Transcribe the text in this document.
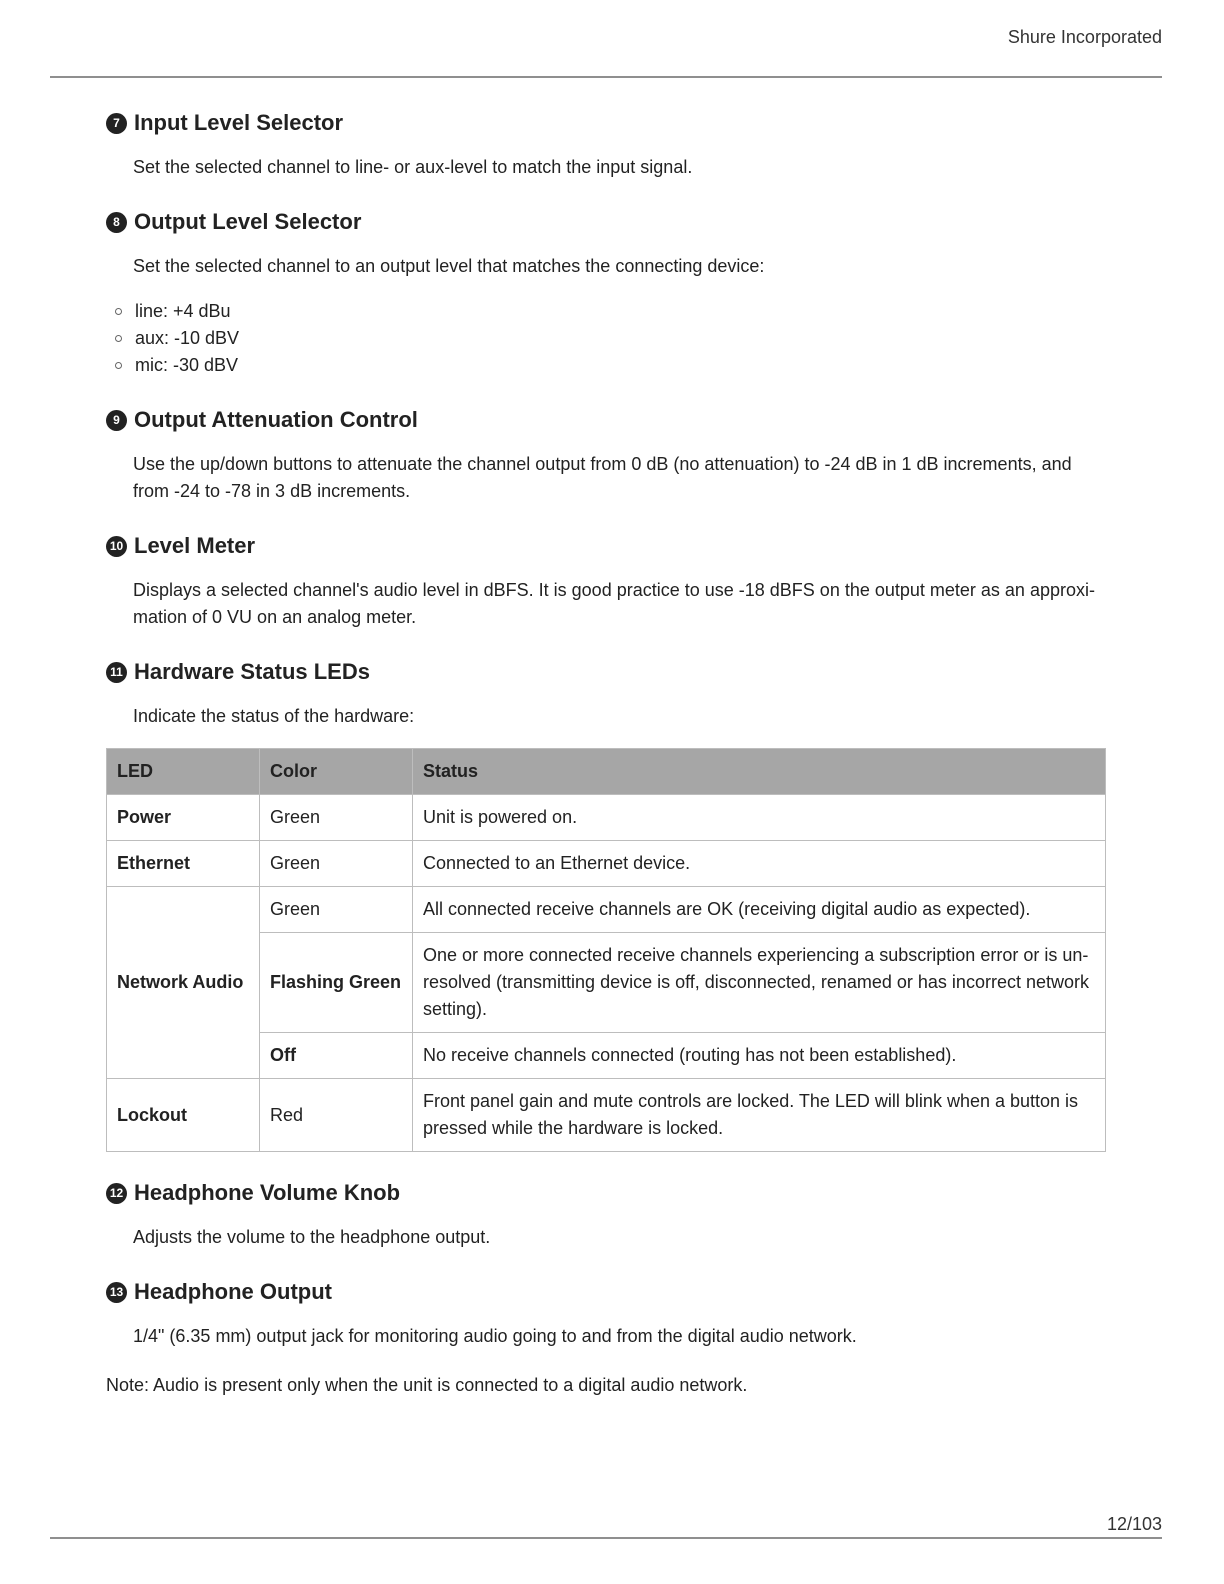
Shure Incorporated
7 Input Level Selector

Set the selected channel to line- or aux-level to match the input signal.

8 Output Level Selector

Set the selected channel to an output level that matches the connecting device:

line: +4 dBu
aux: -10 dBV
mic: -30 dBV
9 Output Attenuation Control

Use the up/down buttons to attenuate the channel output from 0 dB (no attenuation) to -24 dB in 1 dB increments, and from -24 to -78 in 3 dB increments.

10 Level Meter

Displays a selected channel's audio level in dBFS. It is good practice to use -18 dBFS on the output meter as an approxi-mation of 0 VU on an analog meter.

11 Hardware Status LEDs

Indicate the status of the hardware:

LED	Color	Status
Power	Green	Unit is powered on.
Ethernet	Green	Connected to an Ethernet device.
Network Audio	Green	All connected receive channels are OK (receiving digital audio as expected).
	Flashing Green	One or more connected receive channels experiencing a subscription error or is un-resolved (transmitting device is off, disconnected, renamed or has incorrect network setting).
	Off	No receive channels connected (routing has not been established).
Lockout	Red	Front panel gain and mute controls are locked. The LED will blink when a button is pressed while the hardware is locked.
12 Headphone Volume Knob

Adjusts the volume to the headphone output.

13 Headphone Output

1/4" (6.35 mm) output jack for monitoring audio going to and from the digital audio network.

Note: Audio is present only when the unit is connected to a digital audio network.
12/103
